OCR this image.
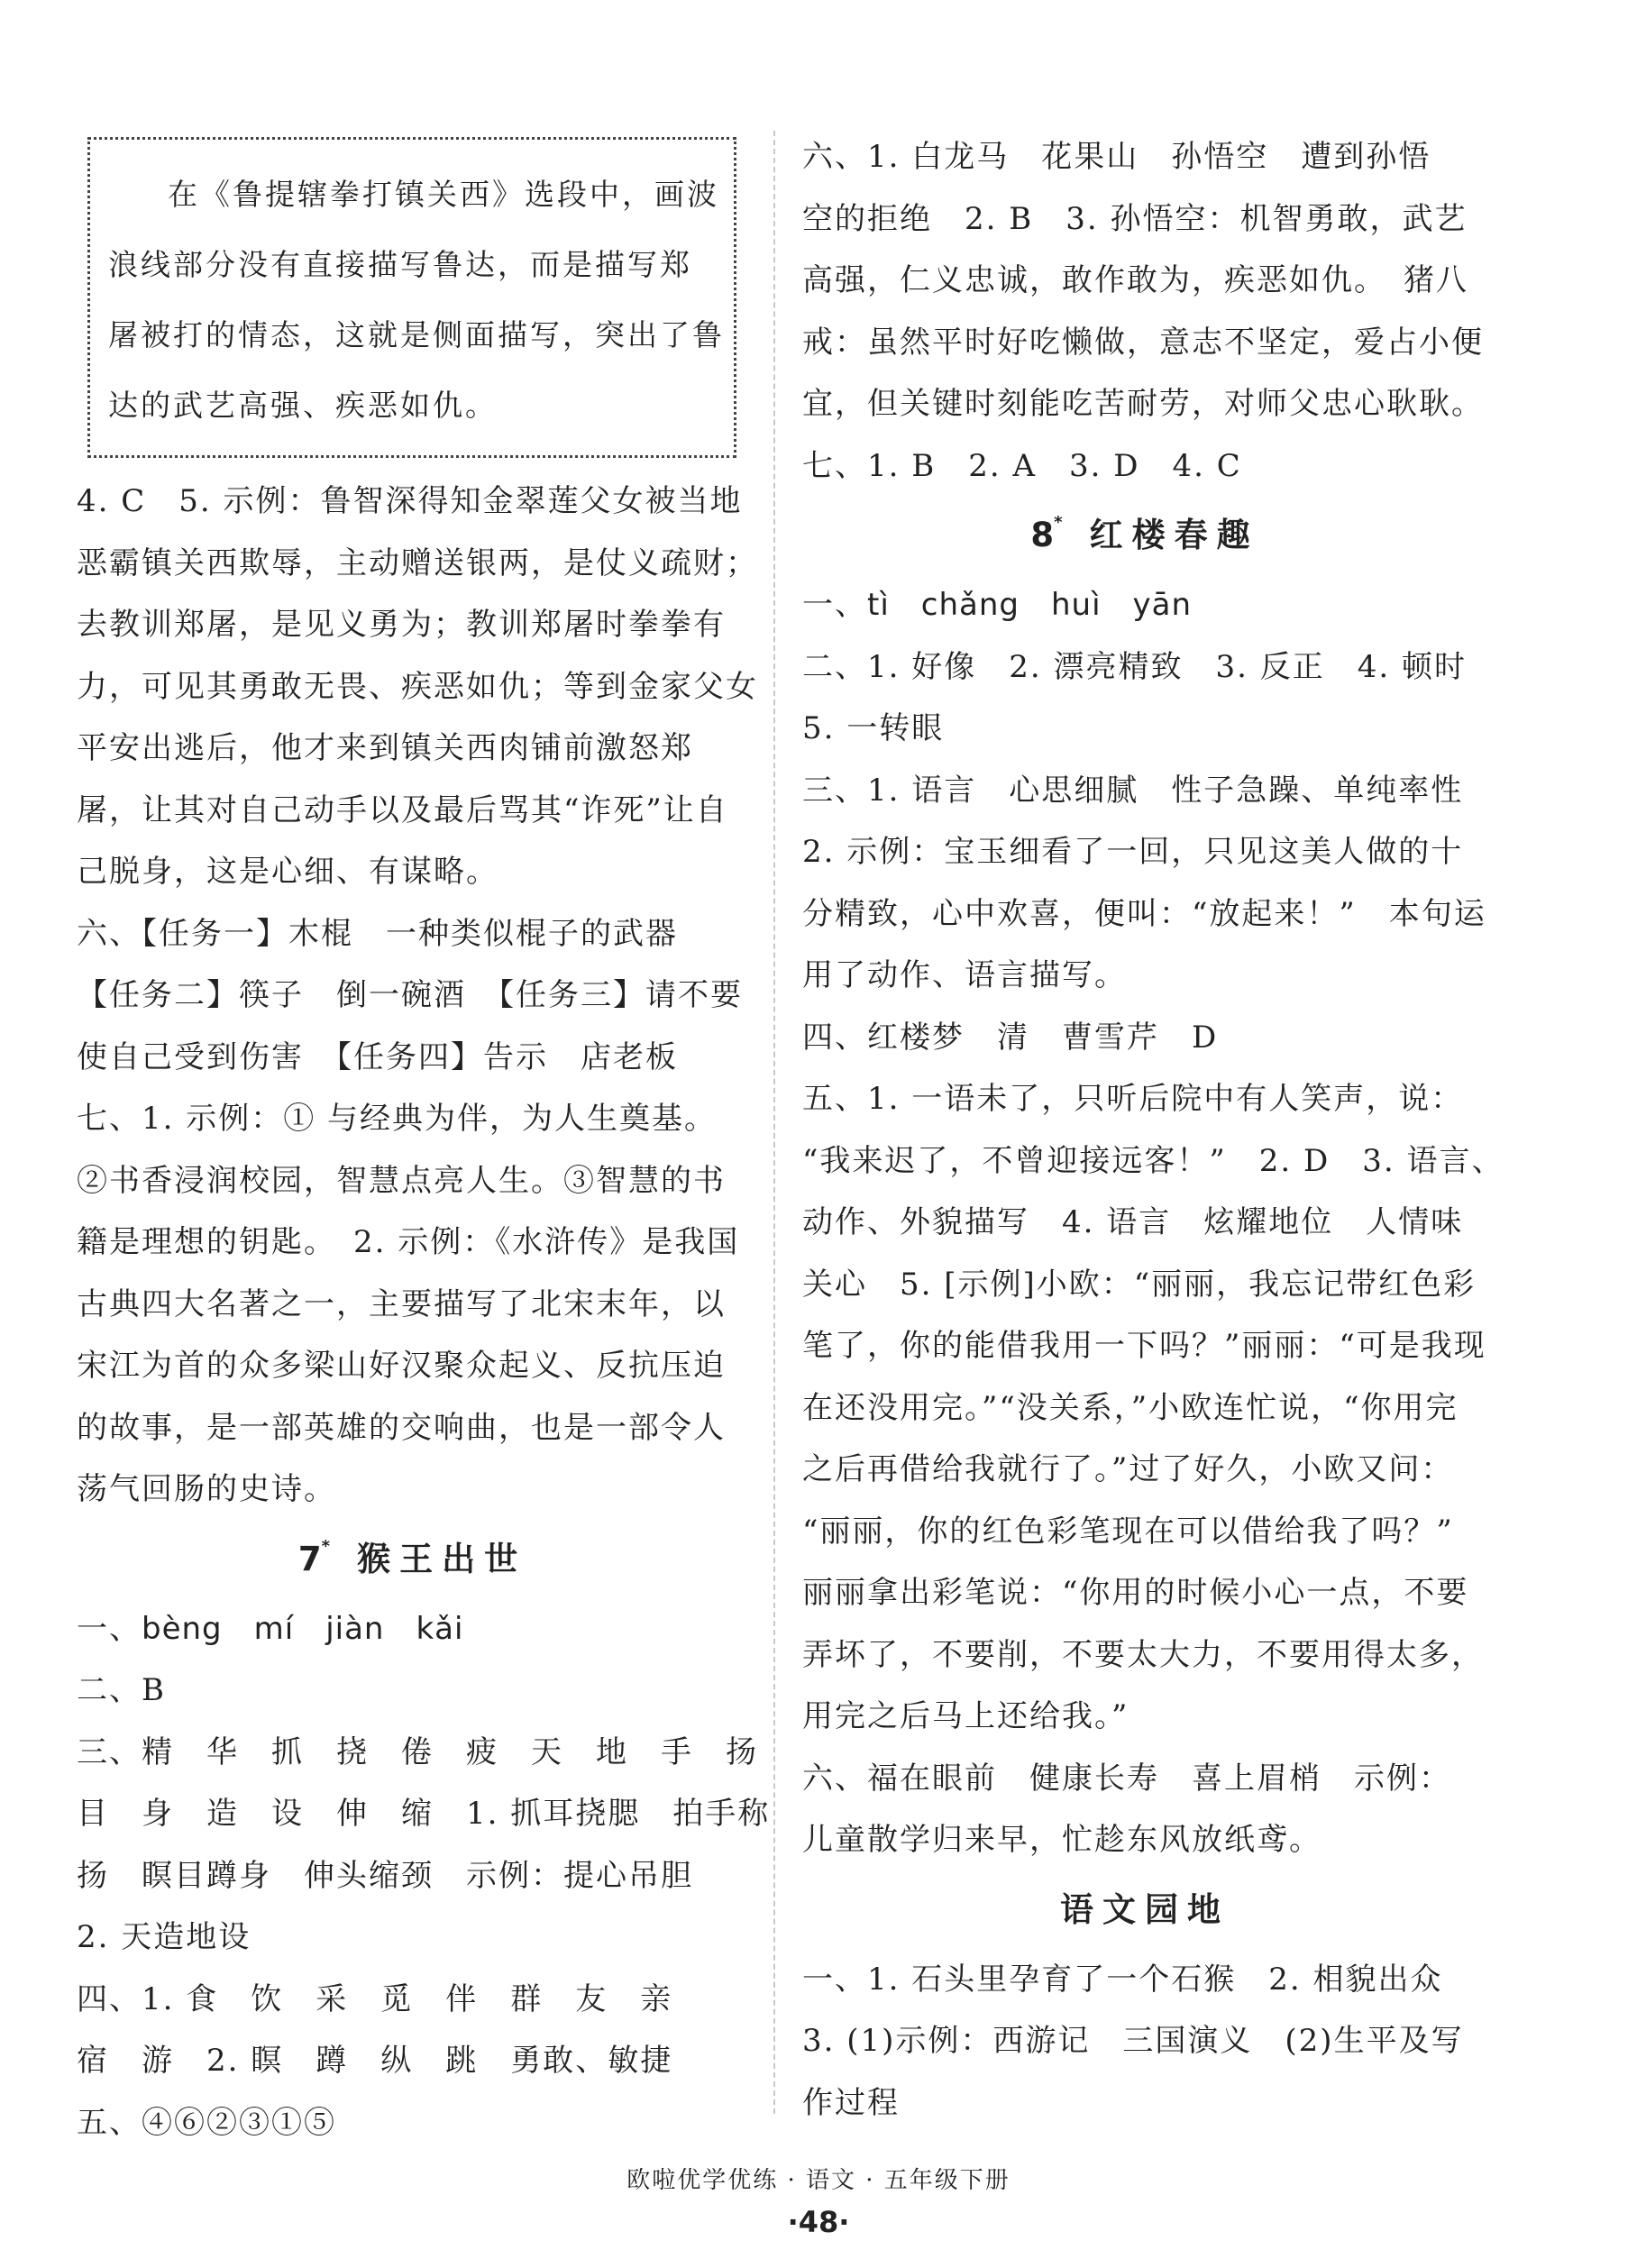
在《鲁提辖拳打镇关西》选段中，画波
浪线部分没有直接描写鲁达，而是描写郑
屠被打的情态，这就是侧面描写，突出了鲁
达的武艺高强、疾恶如仇。
4. C　5. 示例：鲁智深得知金翠莲父女被当地
恶霸镇关西欺辱，主动赠送银两，是仗义疏财；
去教训郑屠，是见义勇为；教训郑屠时拳拳有
力，可见其勇敢无畏、疾恶如仇；等到金家父女
平安出逃后，他才来到镇关西肉铺前激怒郑
屠，让其对自己动手以及最后骂其“诈死”让自
己脱身，这是心细、有谋略。
六、【任务一】木棍　一种类似棍子的武器
【任务二】筷子　倒一碗酒　【任务三】请不要
使自己受到伤害　【任务四】告示　店老板
七、1. 示例：① 与经典为伴，为人生奠基。
②书香浸润校园，智慧点亮人生。③智慧的书
籍是理想的钥匙。　2. 示例：《水浒传》是我国
古典四大名著之一，主要描写了北宋末年，以
宋江为首的众多梁山好汉聚众起义、反抗压迫
的故事，是一部英雄的交响曲，也是一部令人
荡气回肠的史诗。
7* 猴王出世
一、bèng　mí　jiàn　kǎi
二、B
三、精　华　抓　挠　倦　疲　天　地　手　扬
目　身　造　设　伸　缩　1. 抓耳挠腮　拍手称
扬　瞑目蹲身　伸头缩颈　示例：提心吊胆
2. 天造地设
四、1. 食　饮　采　觅　伴　群　友　亲
宿　游　2. 瞑　蹲　纵　跳　勇敢、敏捷
五、④⑥②③①⑤
六、1. 白龙马　花果山　孙悟空　遭到孙悟
空的拒绝　2. B　3. 孙悟空：机智勇敢，武艺
高强，仁义忠诚，敢作敢为，疾恶如仇。　猪八
戒：虽然平时好吃懒做，意志不坚定，爱占小便
宜，但关键时刻能吃苦耐劳，对师父忠心耿耿。
七、1. B　2. A　3. D　4. C
8* 红楼春趣
一、tì　chǎng　huì　yān
二、1. 好像　2. 漂亮精致　3. 反正　4. 顿时
5. 一转眼
三、1. 语言　心思细腻　性子急躁、单纯率性
2. 示例：宝玉细看了一回，只见这美人做的十
分精致，心中欢喜，便叫：“放起来！”　本句运
用了动作、语言描写。
四、红楼梦　清　曹雪芹　D
五、1. 一语未了，只听后院中有人笑声，说：
“我来迟了，不曾迎接远客！”　2. D　3. 语言、
动作、外貌描写　4. 语言　炫耀地位　人情味
关心　5. [示例]小欧：“丽丽，我忘记带红色彩
笔了，你的能借我用一下吗？”丽丽：“可是我现
在还没用完。”“没关系，”小欧连忙说，“你用完
之后再借给我就行了。”过了好久，小欧又问：
“丽丽，你的红色彩笔现在可以借给我了吗？”
丽丽拿出彩笔说：“你用的时候小心一点，不要
弄坏了，不要削，不要太大力，不要用得太多，
用完之后马上还给我。”
六、福在眼前　健康长寿　喜上眉梢　示例：
儿童散学归来早，忙趁东风放纸鸢。
语文园地
一、1. 石头里孕育了一个石猴　2. 相貌出众
3. (1)示例：西游记　三国演义　(2)生平及写
作过程
欧啦优学优练 · 语文 · 五年级下册
·48·
